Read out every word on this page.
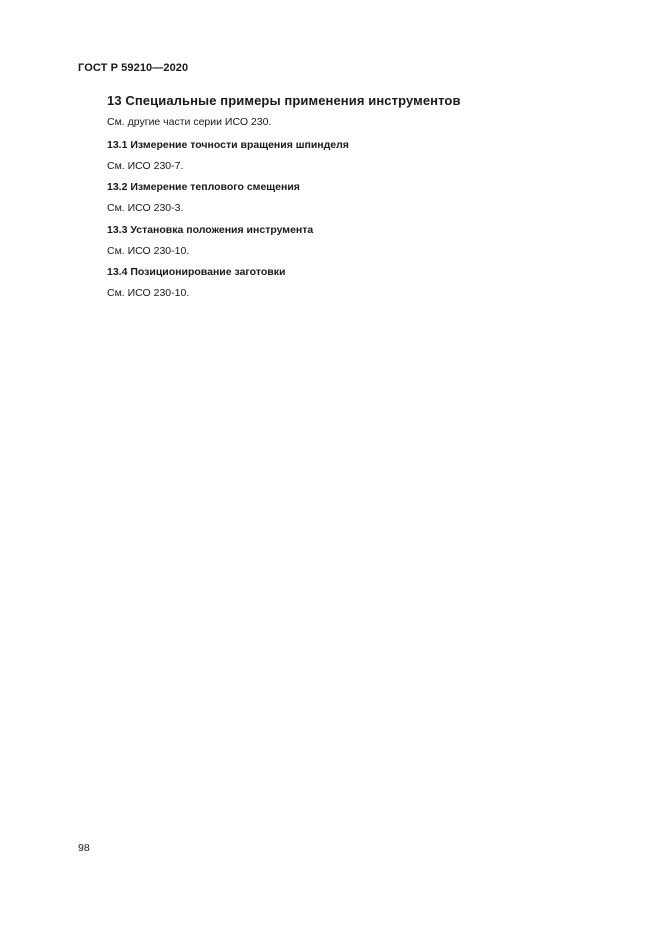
ГОСТ Р 59210—2020
13 Специальные примеры применения инструментов
См. другие части серии ИСО 230.
13.1 Измерение точности вращения шпинделя
См. ИСО 230-7.
13.2 Измерение теплового смещения
См. ИСО 230-3.
13.3 Установка положения инструмента
См. ИСО 230-10.
13.4 Позиционирование заготовки
См. ИСО 230-10.
98
